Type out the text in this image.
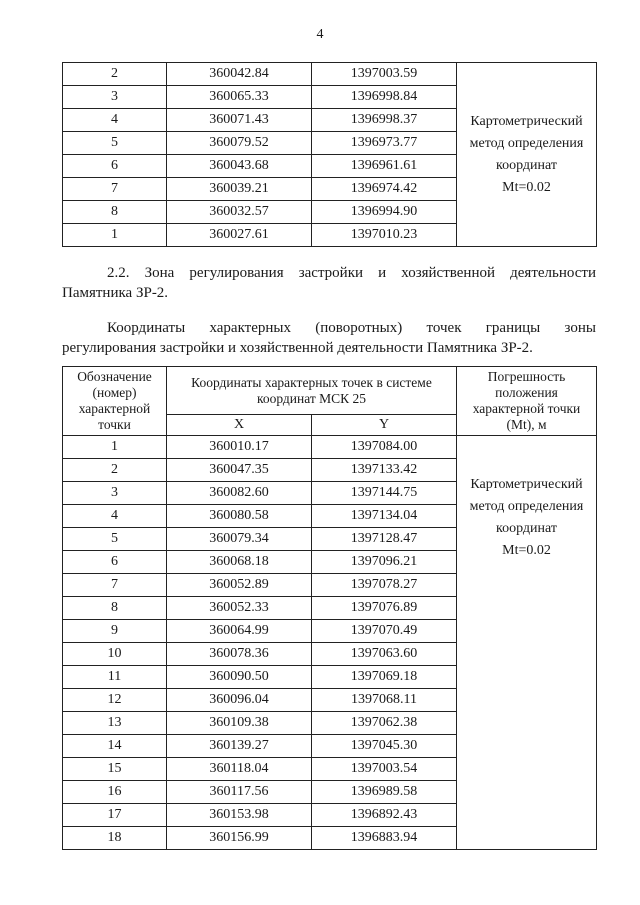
4
2	360042.84	1397003.59	Картометрический
метод определения
координат
Mt=0.02

3	360065.33	1396998.84	
4	360071.43	1396998.37	
5	360079.52	1396973.77	
6	360043.68	1396961.61	
7	360039.21	1396974.42	
8	360032.57	1396994.90	
1	360027.61	1397010.23	
2.2. Зона регулирования застройки и хозяйственной деятельности
Памятника ЗР-2.
Координаты характерных (поворотных) точек границы зоны
регулирования застройки и хозяйственной деятельности Памятника ЗР-2.
Обозначение (номер) характерной точки	Координаты характерных точек в системе координат МСК 25		Погрешность положения характерной точки (Mt), м
	X	Y	
1	360010.17	1397084.00	Картометрический
метод определения
координат
Mt=0.02

2	360047.35	1397133.42	
3	360082.60	1397144.75	
4	360080.58	1397134.04	
5	360079.34	1397128.47	
6	360068.18	1397096.21	
7	360052.89	1397078.27	
8	360052.33	1397076.89	
9	360064.99	1397070.49	
10	360078.36	1397063.60	
11	360090.50	1397069.18	
12	360096.04	1397068.11	
13	360109.38	1397062.38	
14	360139.27	1397045.30	
15	360118.04	1397003.54	
16	360117.56	1396989.58	
17	360153.98	1396892.43	
18	360156.99	1396883.94	
